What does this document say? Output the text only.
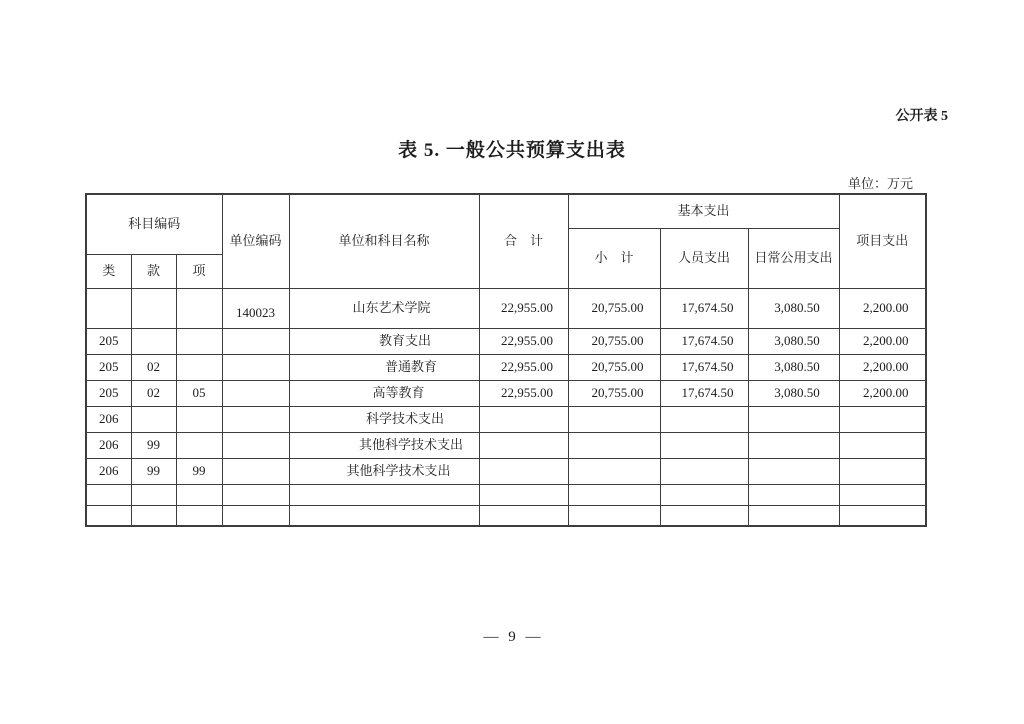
公开表 5
表 5. 一般公共预算支出表
单位：万元
科目编码			单位编码	单位和科目名称	合　计	基本支出			项目支出
						小　计	人员支出	日常公用支出	
类	款	项							
			140023	山东艺术学院	22,955.00	20,755.00	17,674.50	3,080.50	2,200.00
205				教育支出	22,955.00	20,755.00	17,674.50	3,080.50	2,200.00
205	02			普通教育	22,955.00	20,755.00	17,674.50	3,080.50	2,200.00
205	02	05		高等教育	22,955.00	20,755.00	17,674.50	3,080.50	2,200.00
206				科学技术支出					
206	99			其他科学技术支出					
206	99	99		其他科学技术支出					

— 9 —
